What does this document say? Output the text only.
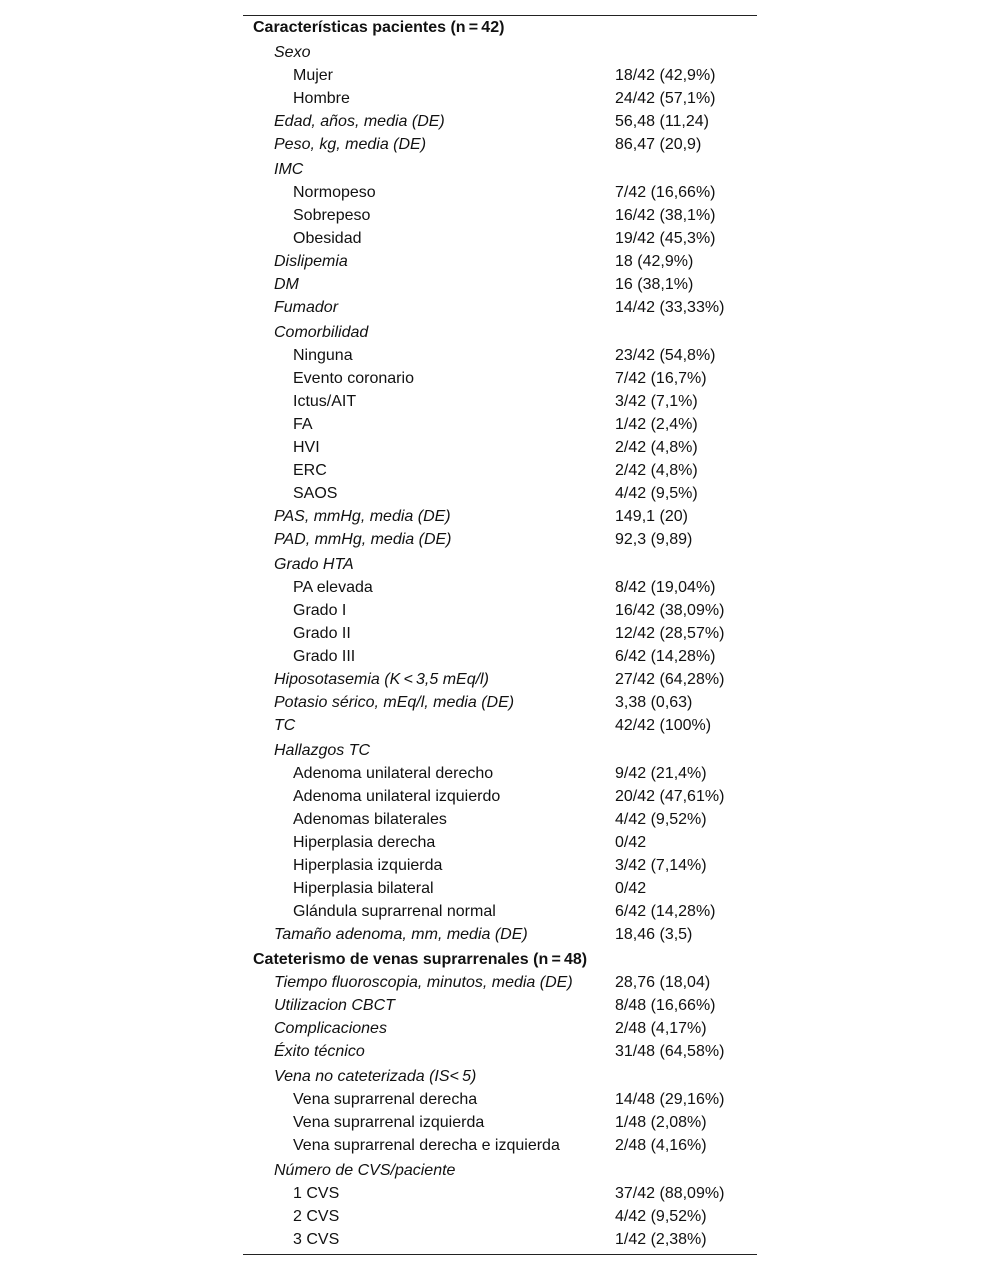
Características pacientes (n = 42)
Sexo
Mujer	18/42 (42,9%)
Hombre	24/42 (57,1%)
Edad, años, media (DE)	56,48 (11,24)
Peso, kg, media (DE)	86,47 (20,9)
IMC
Normopeso	7/42 (16,66%)
Sobrepeso	16/42 (38,1%)
Obesidad	19/42 (45,3%)
Dislipemia	18 (42,9%)
DM	16 (38,1%)
Fumador	14/42 (33,33%)
Comorbilidad
Ninguna	23/42 (54,8%)
Evento coronario	7/42 (16,7%)
Ictus/AIT	3/42 (7,1%)
FA	1/42 (2,4%)
HVI	2/42 (4,8%)
ERC	2/42 (4,8%)
SAOS	4/42 (9,5%)
PAS, mmHg, media (DE)	149,1 (20)
PAD, mmHg, media (DE)	92,3 (9,89)
Grado HTA
PA elevada	8/42 (19,04%)
Grado I	16/42 (38,09%)
Grado II	12/42 (28,57%)
Grado III	6/42 (14,28%)
Hiposotasemia (K < 3,5 mEq/l)	27/42 (64,28%)
Potasio sérico, mEq/l, media (DE)	3,38 (0,63)
TC	42/42 (100%)
Hallazgos TC
Adenoma unilateral derecho	9/42 (21,4%)
Adenoma unilateral izquierdo	20/42 (47,61%)
Adenomas bilaterales	4/42 (9,52%)
Hiperplasia derecha	0/42
Hiperplasia izquierda	3/42 (7,14%)
Hiperplasia bilateral	0/42
Glándula suprarrenal normal	6/42 (14,28%)
Tamaño adenoma, mm, media (DE)	18,46 (3,5)
Cateterismo de venas suprarrenales (n = 48)
Tiempo fluoroscopia, minutos, media (DE)	28,76 (18,04)
Utilizacion CBCT	8/48 (16,66%)
Complicaciones	2/48 (4,17%)
Éxito técnico	31/48 (64,58%)
Vena no cateterizada (IS< 5)
Vena suprarrenal derecha	14/48 (29,16%)
Vena suprarrenal izquierda	1/48 (2,08%)
Vena suprarrenal derecha e izquierda	2/48 (4,16%)
Número de CVS/paciente
1 CVS	37/42 (88,09%)
2 CVS	4/42 (9,52%)
3 CVS	1/42 (2,38%)
